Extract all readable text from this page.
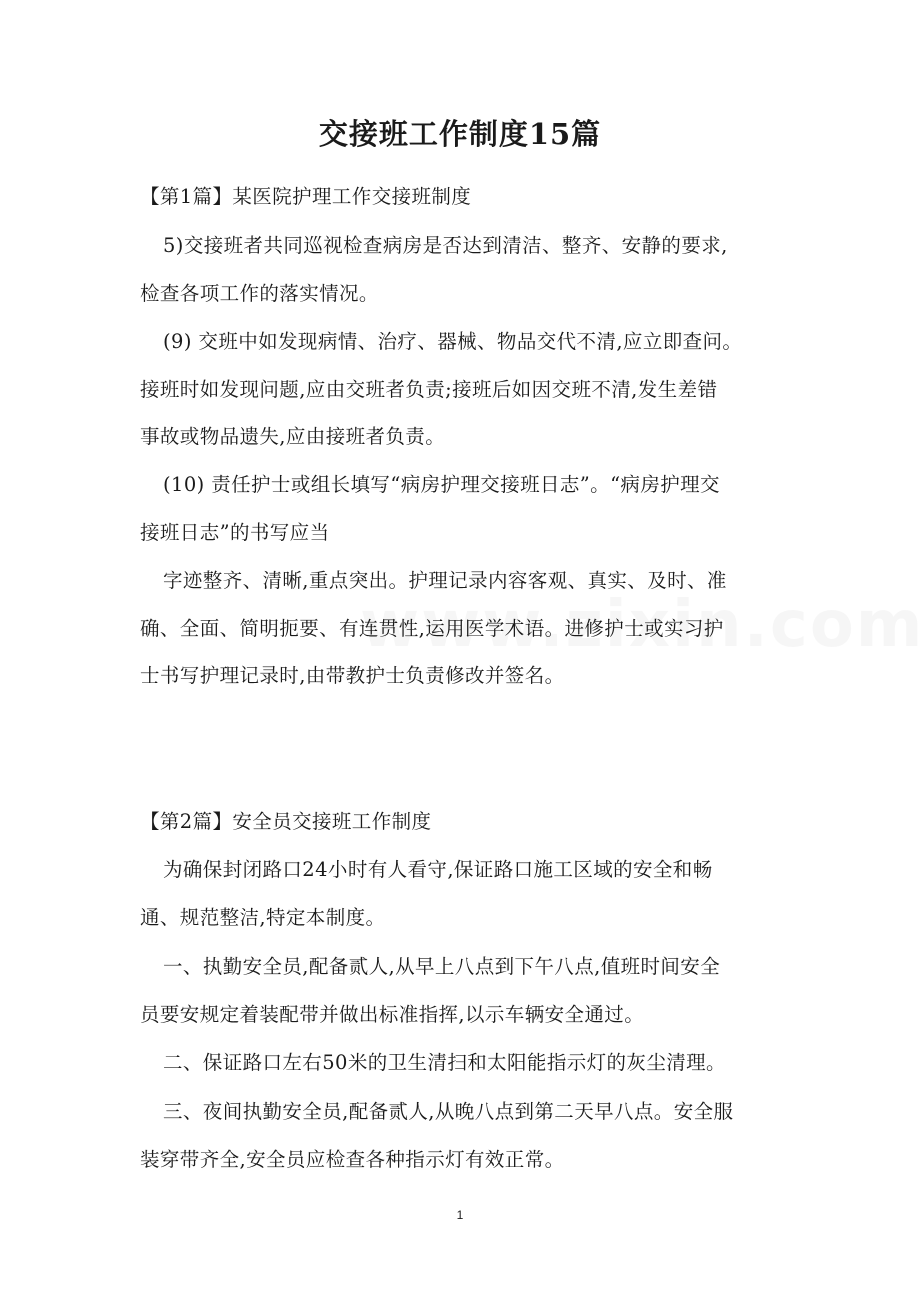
交接班工作制度15篇
【第1篇】某医院护理工作交接班制度
5)交接班者共同巡视检查病房是否达到清洁、整齐、安静的要求,
检查各项工作的落实情况。
(9) 交班中如发现病情、治疗、器械、物品交代不清,应立即查问。
接班时如发现问题,应由交班者负责;接班后如因交班不清,发生差错
事故或物品遗失,应由接班者负责。
(10) 责任护士或组长填写“病房护理交接班日志”。“病房护理交
接班日志”的书写应当
字迹整齐、清晰,重点突出。护理记录内容客观、真实、及时、准
确、全面、简明扼要、有连贯性,运用医学术语。进修护士或实习护
士书写护理记录时,由带教护士负责修改并签名。
【第2篇】安全员交接班工作制度
为确保封闭路口24小时有人看守,保证路口施工区域的安全和畅
通、规范整洁,特定本制度。
一、执勤安全员,配备贰人,从早上八点到下午八点,值班时间安全
员要安规定着装配带并做出标准指挥,以示车辆安全通过。
二、保证路口左右50米的卫生清扫和太阳能指示灯的灰尘清理。
三、夜间执勤安全员,配备贰人,从晚八点到第二天早八点。安全服
装穿带齐全,安全员应检查各种指示灯有效正常。
1
